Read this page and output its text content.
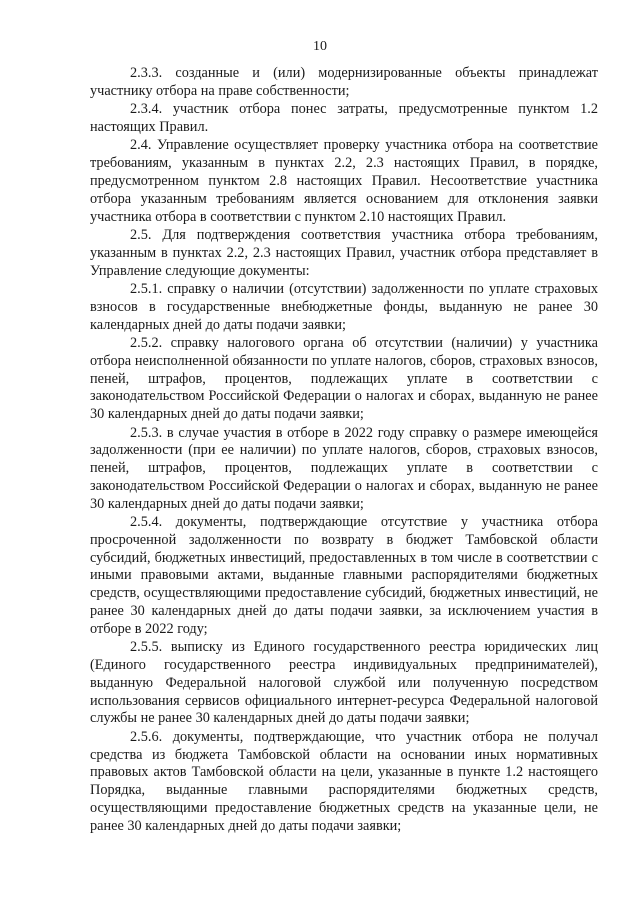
10

2.3.3. созданные и (или) модернизированные объекты принадлежат участнику отбора на праве собственности;

2.3.4. участник отбора понес затраты, предусмотренные пунктом 1.2 настоящих Правил.

2.4. Управление осуществляет проверку участника отбора на соответствие требованиям, указанным в пунктах 2.2, 2.3 настоящих Правил, в порядке, предусмотренном пунктом 2.8 настоящих Правил. Несоответствие участника отбора указанным требованиям является основанием для отклонения заявки участника отбора в соответствии с пунктом 2.10 настоящих Правил.

2.5. Для подтверждения соответствия участника отбора требованиям, указанным в пунктах 2.2, 2.3 настоящих Правил, участник отбора представляет в Управление следующие документы:

2.5.1. справку о наличии (отсутствии) задолженности по уплате страховых взносов в государственные внебюджетные фонды, выданную не ранее 30 календарных дней до даты подачи заявки;

2.5.2. справку налогового органа об отсутствии (наличии) у участника отбора неисполненной обязанности по уплате налогов, сборов, страховых взносов, пеней, штрафов, процентов, подлежащих уплате в соответствии с законодательством Российской Федерации о налогах и сборах, выданную не ранее 30 календарных дней до даты подачи заявки;

2.5.3. в случае участия в отборе в 2022 году справку о размере имеющейся задолженности (при ее наличии) по уплате налогов, сборов, страховых взносов, пеней, штрафов, процентов, подлежащих уплате в соответствии с законодательством Российской Федерации о налогах и сборах, выданную не ранее 30 календарных дней до даты подачи заявки;

2.5.4. документы, подтверждающие отсутствие у участника отбора просроченной задолженности по возврату в бюджет Тамбовской области субсидий, бюджетных инвестиций, предоставленных в том числе в соответствии с иными правовыми актами, выданные главными распорядителями бюджетных средств, осуществляющими предоставление субсидий, бюджетных инвестиций, не ранее 30 календарных дней до даты подачи заявки, за исключением участия в отборе в 2022 году;

2.5.5. выписку из Единого государственного реестра юридических лиц (Единого государственного реестра индивидуальных предпринимателей), выданную Федеральной налоговой службой или полученную посредством использования сервисов официального интернет-ресурса Федеральной налоговой службы не ранее 30 календарных дней до даты подачи заявки;

2.5.6. документы, подтверждающие, что участник отбора не получал средства из бюджета Тамбовской области на основании иных нормативных правовых актов Тамбовской области на цели, указанные в пункте 1.2 настоящего Порядка, выданные главными распорядителями бюджетных средств, осуществляющими предоставление бюджетных средств на указанные цели, не ранее 30 календарных дней до даты подачи заявки;
